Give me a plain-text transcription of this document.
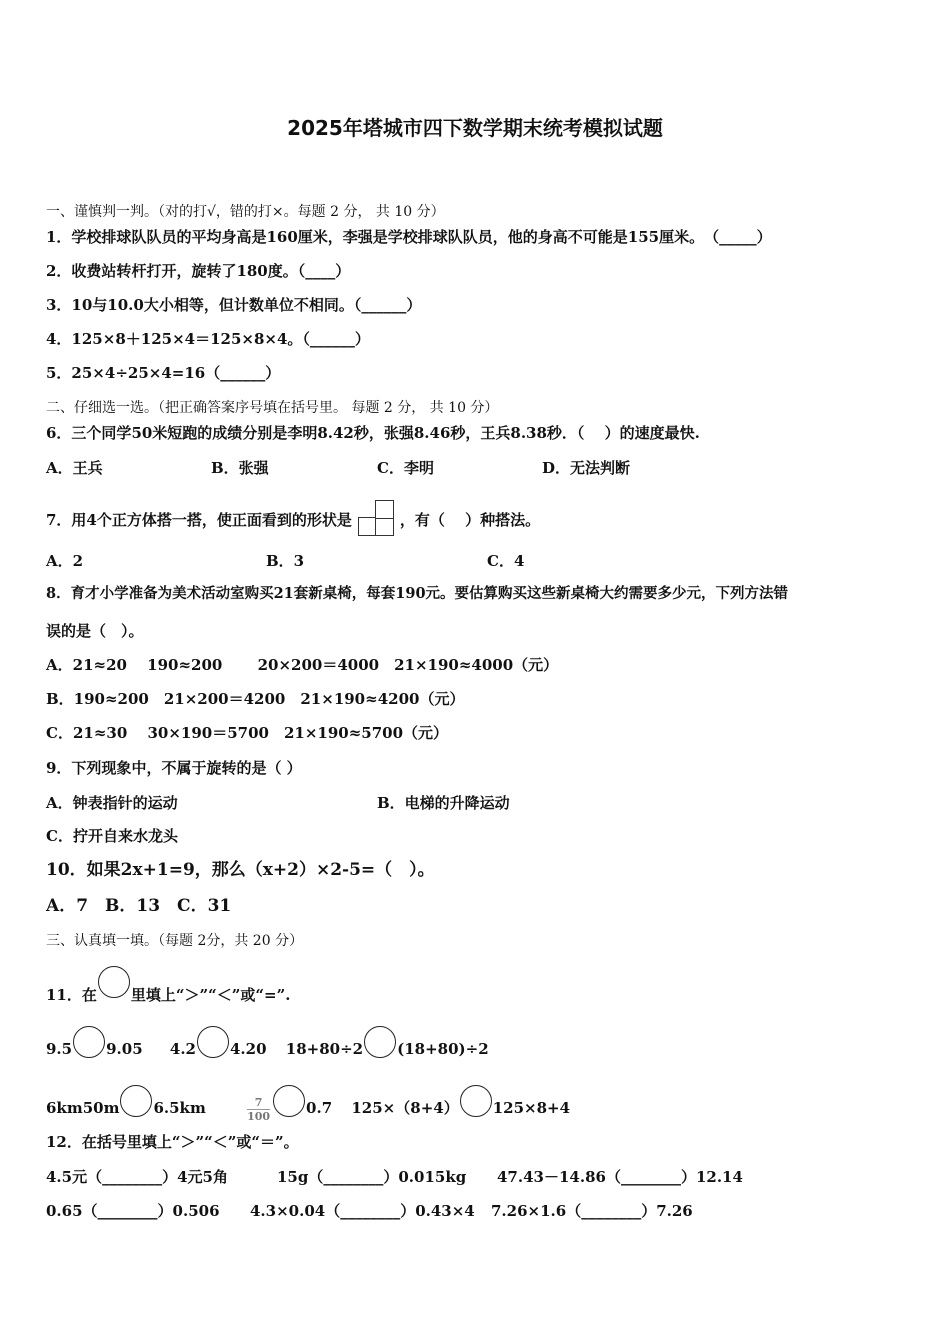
2025年塔城市四下数学期末统考模拟试题
一、谨慎判一判。（对的打√，错的打×。每题 2 分， 共 10 分）
1．学校排球队队员的平均身高是160厘米，李强是学校排球队队员，他的身高不可能是155厘米。　（_____）
2．收费站转杆打开，旋转了180度。（____）
3．10与10.0大小相等，但计数单位不相同。（______）
4．125×8＋125×4＝125×8×4。（______）
5．25×4÷25×4=16（______）
二、仔细选一选。（把正确答案序号填在括号里。 每题 2 分， 共 10 分）
6．三个同学50米短跑的成绩分别是李明8.42秒，张强8.46秒，王兵8.38秒．（　 ）的速度最快.
A．王兵	B．张强	C．李明	D．无法判断
7．用4个正方体搭一搭，使正面看到的形状是	，有（　 ）种搭法。
A．2	B．3	C．4
8．育才小学准备为美术活动室购买21套新桌椅，每套190元。要估算购买这些新桌椅大约需要多少元，下列方法错
误的是（　）。
A．21≈20　 190≈200　　 20×200＝4000　21×190≈4000（元）
B．190≈200　21×200＝4200　21×190≈4200（元）
C．21≈30　 30×190＝5700　21×190≈5700（元）
9．下列现象中，不属于旋转的是（ ）
A．钟表指针的运动	B．电梯的升降运动
C．拧开自来水龙头
10．如果2x+1=9，那么（x+2）×2-5=（　）。
A．7　B．13　C．31
三、认真填一填。（每题 2分，共 20 分）
11．在 里填上“＞”“＜”或“=”.
9.5 9.05 4.2 4.20 18+80÷2 (18+80)÷2
6km50m 6.5km	$\frac{7}{100} 0.7$ 125×（8+4） 125×8+4
12．在括号里填上“＞”“＜”或“＝”。
4.5元（________）4元5角	15g（________）0.015kg 47.43－14.86（________）12.14
0.65（________）0.506 4.3×0.04（________）0.43×4 7.26×1.6（________）7.26
